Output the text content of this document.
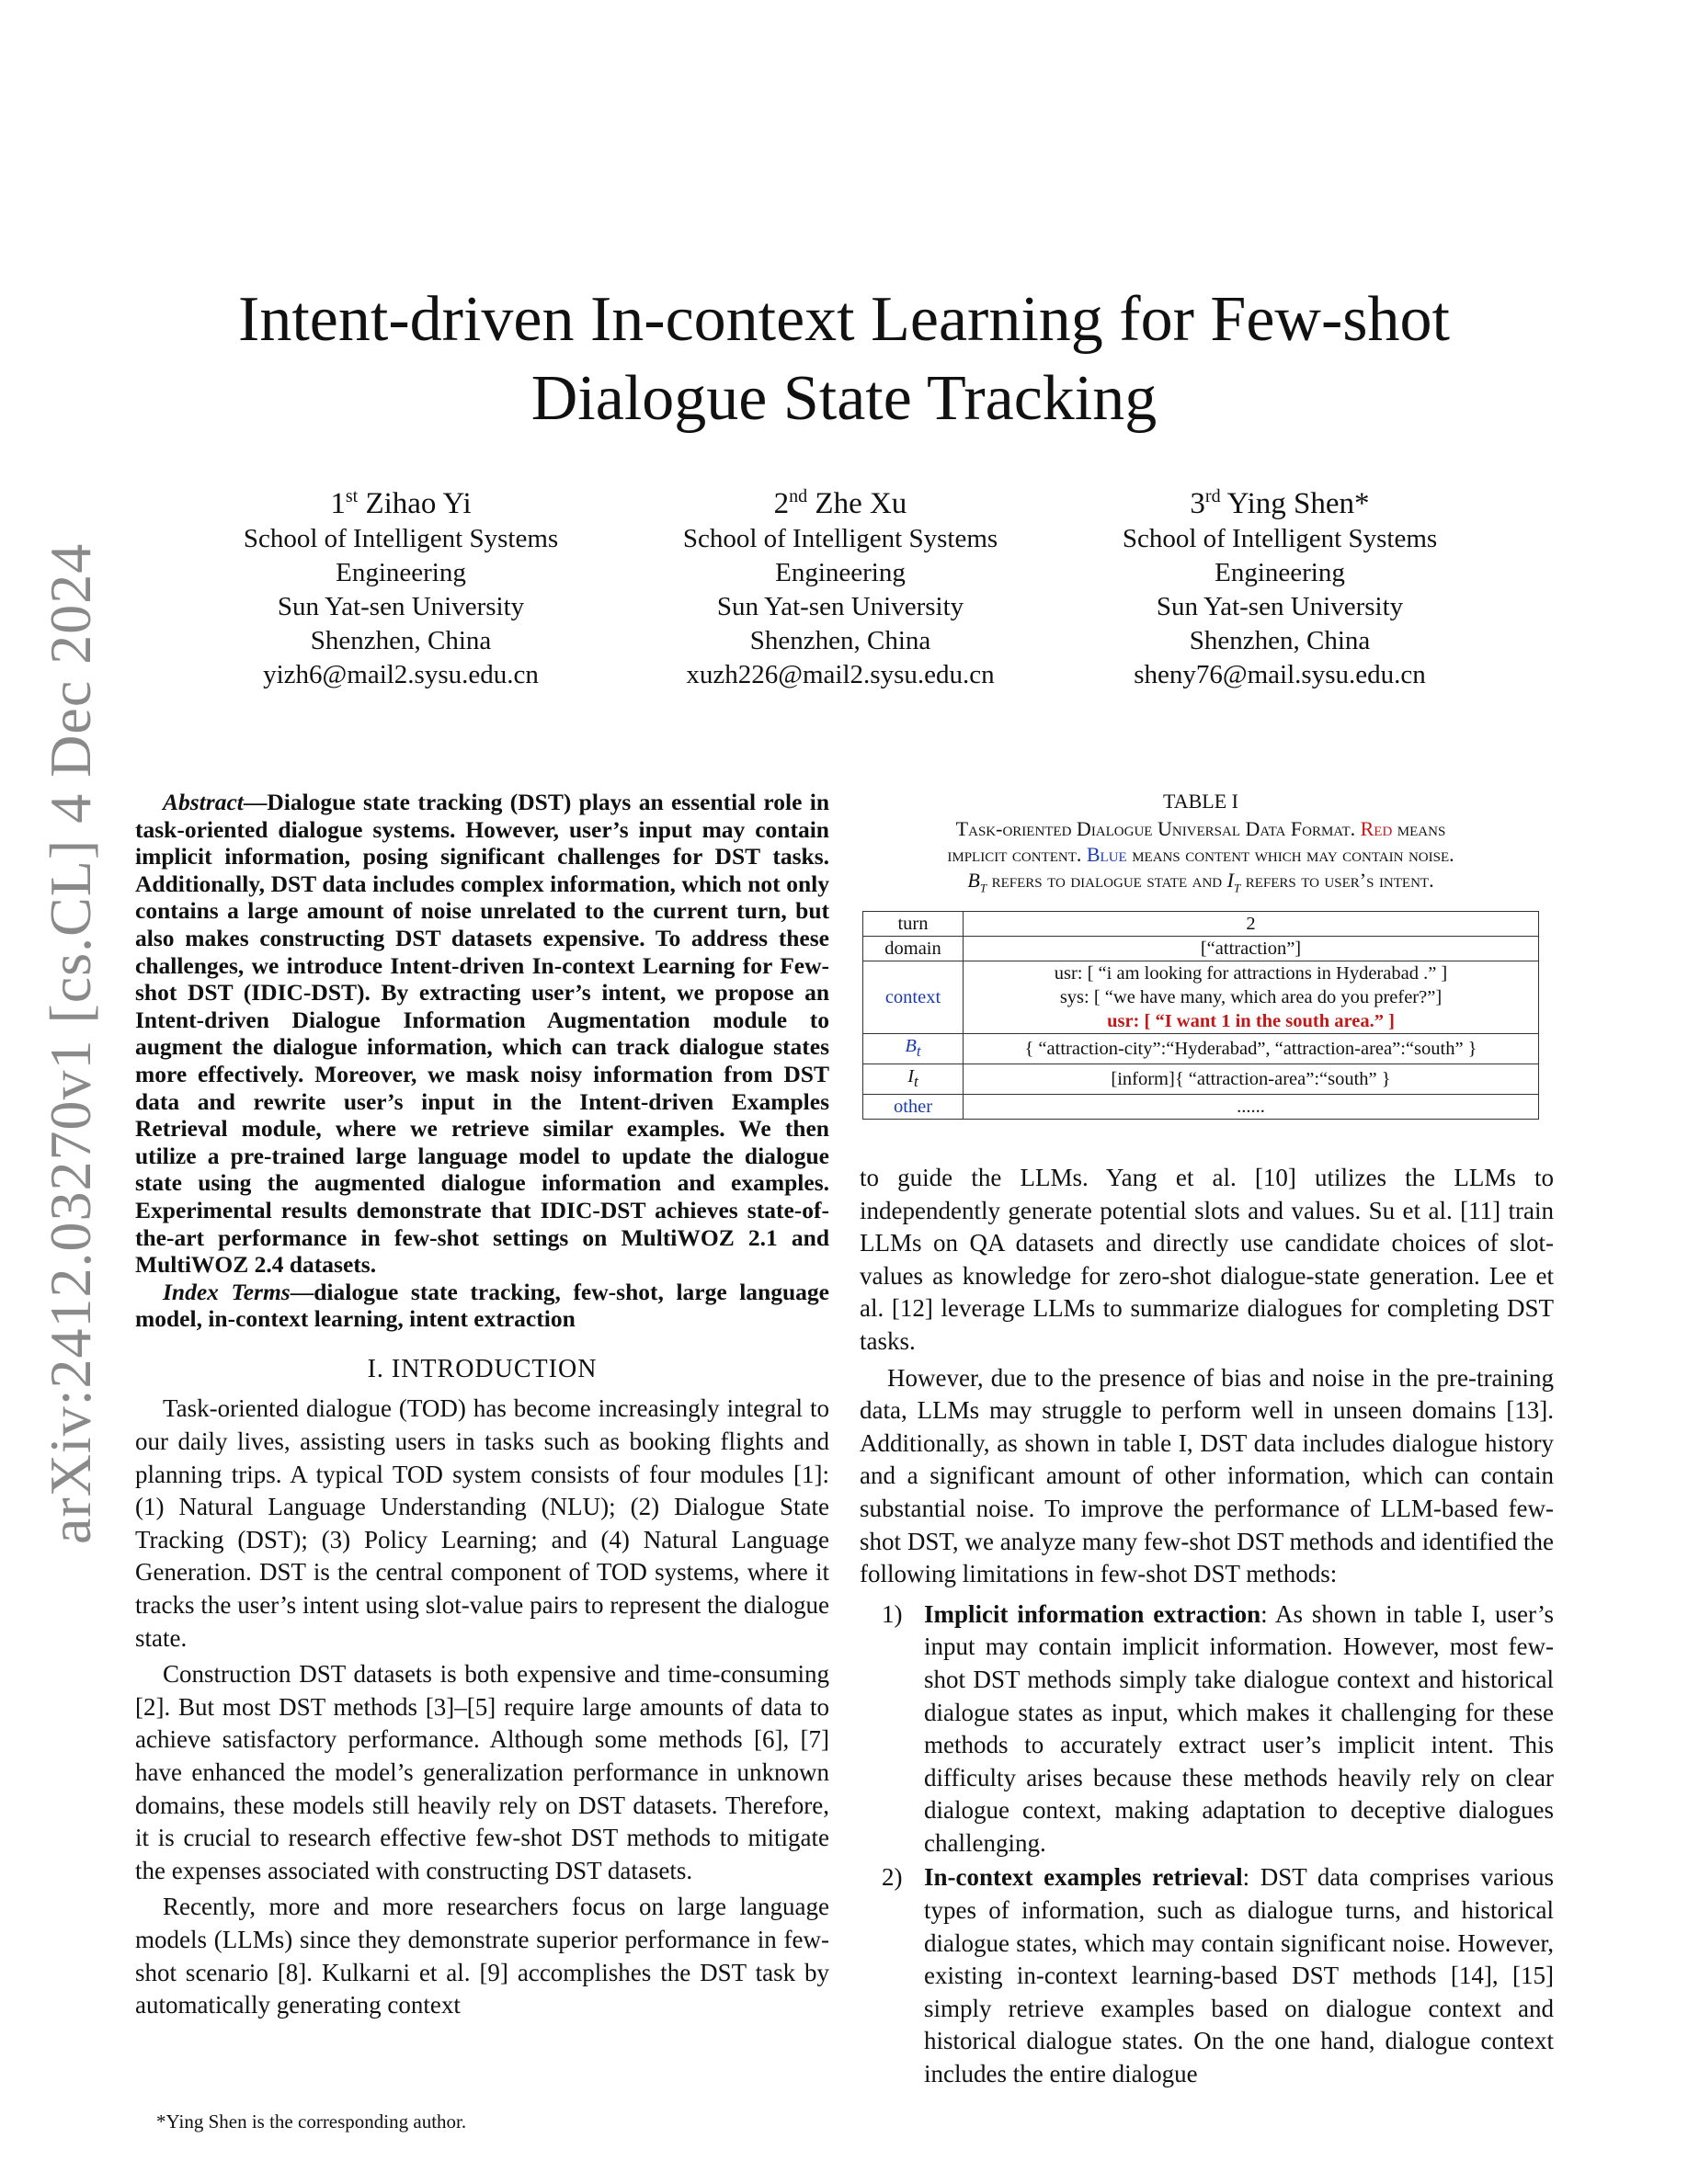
arXiv:2412.03270v1 [cs.CL] 4 Dec 2024
Intent-driven In-context Learning for Few-shot Dialogue State Tracking
1st Zihao Yi
School of Intelligent Systems
Engineering
Sun Yat-sen University
Shenzhen, China
yizh6@mail2.sysu.edu.cn
2nd Zhe Xu
School of Intelligent Systems
Engineering
Sun Yat-sen University
Shenzhen, China
xuzh226@mail2.sysu.edu.cn
3rd Ying Shen*
School of Intelligent Systems
Engineering
Sun Yat-sen University
Shenzhen, China
sheny76@mail.sysu.edu.cn

Abstract—Dialogue state tracking (DST) plays an essential role in task-oriented dialogue systems. However, user’s input may contain implicit information, posing significant challenges for DST tasks. Additionally, DST data includes complex information, which not only contains a large amount of noise unrelated to the current turn, but also makes constructing DST datasets expensive. To address these challenges, we introduce Intent-driven In-context Learning for Few-shot DST (IDIC-DST). By extracting user’s intent, we propose an Intent-driven Dialogue Information Augmentation module to augment the dialogue information, which can track dialogue states more effectively. Moreover, we mask noisy information from DST data and rewrite user’s input in the Intent-driven Examples Retrieval module, where we retrieve similar examples. We then utilize a pre-trained large language model to update the dialogue state using the augmented dialogue information and examples. Experimental results demonstrate that IDIC-DST achieves state-of-the-art performance in few-shot settings on MultiWOZ 2.1 and MultiWOZ 2.4 datasets.

Index Terms—dialogue state tracking, few-shot, large language model, in-context learning, intent extraction

I. INTRODUCTION

Task-oriented dialogue (TOD) has become increasingly integral to our daily lives, assisting users in tasks such as booking flights and planning trips. A typical TOD system consists of four modules [1]: (1) Natural Language Understanding (NLU); (2) Dialogue State Tracking (DST); (3) Policy Learning; and (4) Natural Language Generation. DST is the central component of TOD systems, where it tracks the user’s intent using slot-value pairs to represent the dialogue state.

Construction DST datasets is both expensive and time-consuming [2]. But most DST methods [3]–[5] require large amounts of data to achieve satisfactory performance. Although some methods [6], [7] have enhanced the model’s generalization performance in unknown domains, these models still heavily rely on DST datasets. Therefore, it is crucial to research effective few-shot DST methods to mitigate the expenses associated with constructing DST datasets.

Recently, more and more researchers focus on large language models (LLMs) since they demonstrate superior performance in few-shot scenario [8]. Kulkarni et al. [9] accomplishes the DST task by automatically generating context

*Ying Shen is the corresponding author.
TABLE I
Task-oriented Dialogue Universal Data Format. Red means
implicit content. Blue means content which may contain noise.
$B_t$ refers to dialogue state and $I_t$ refers to user’s intent.
turn	2
domain	[“attraction”]
context	usr: [ “i am looking for attractions in Hyderabad .” ]
sys: [ “we have many, which area do you prefer?”]
usr: [ “I want 1 in the south area.” ]

$B_t$	{ “attraction-city”:“Hyderabad”, “attraction-area”:“south” }
$I_t$	[inform]{ “attraction-area”:“south” }
other	......

to guide the LLMs. Yang et al. [10] utilizes the LLMs to independently generate potential slots and values. Su et al. [11] train LLMs on QA datasets and directly use candidate choices of slot-values as knowledge for zero-shot dialogue-state generation. Lee et al. [12] leverage LLMs to summarize dialogues for completing DST tasks.

However, due to the presence of bias and noise in the pre-training data, LLMs may struggle to perform well in unseen domains [13]. Additionally, as shown in table I, DST data includes dialogue history and a significant amount of other information, which can contain substantial noise. To improve the performance of LLM-based few-shot DST, we analyze many few-shot DST methods and identified the following limitations in few-shot DST methods:

1) Implicit information extraction: As shown in table I, user’s input may contain implicit information. However, most few-shot DST methods simply take dialogue context and historical dialogue states as input, which makes it challenging for these methods to accurately extract user’s implicit intent. This difficulty arises because these methods heavily rely on clear dialogue context, making adaptation to deceptive dialogues challenging.
2) In-context examples retrieval: DST data comprises various types of information, such as dialogue turns, and historical dialogue states, which may contain significant noise. However, existing in-context learning-based DST methods [14], [15] simply retrieve examples based on dialogue context and historical dialogue states. On the one hand, dialogue context includes the entire dialogue
